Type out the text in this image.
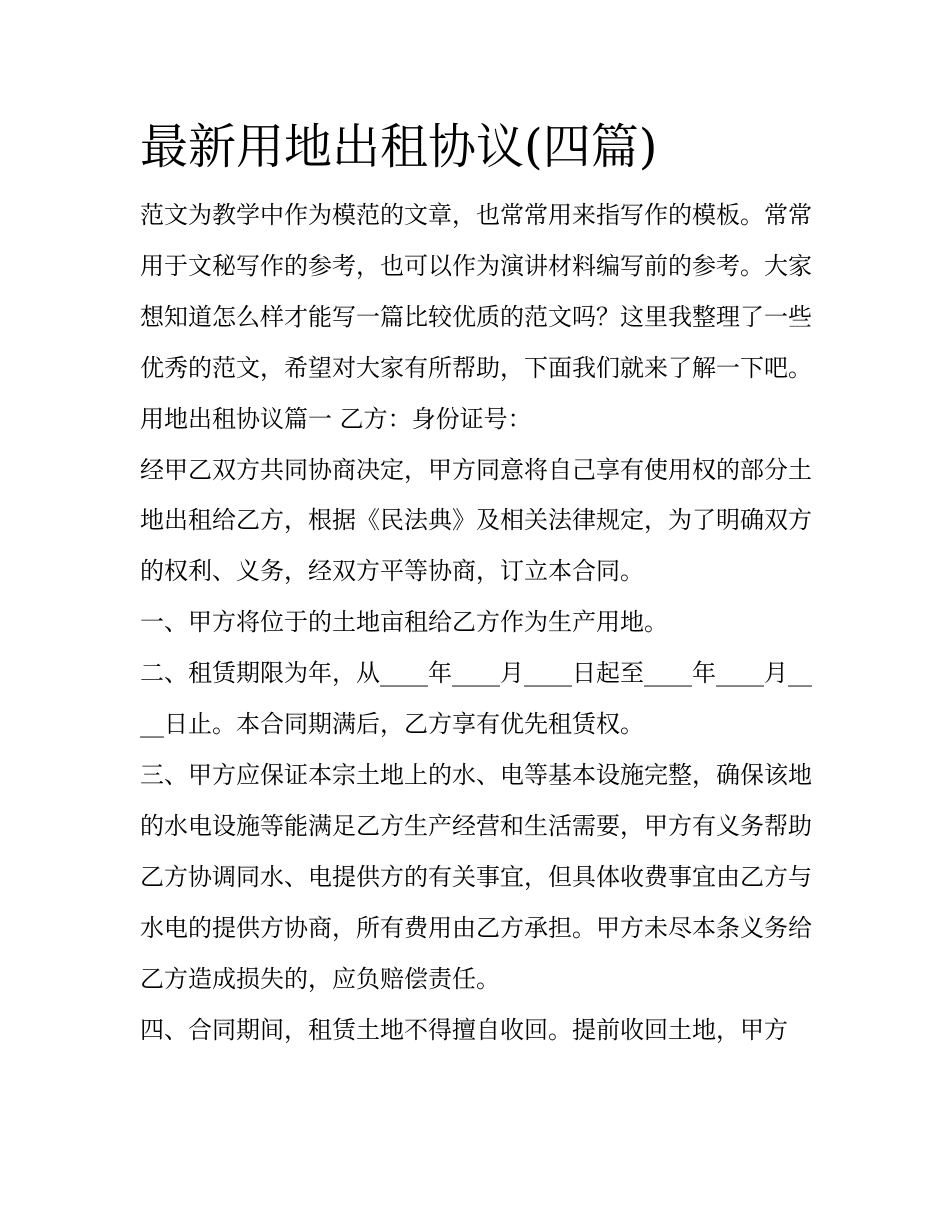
最新用地出租协议(四篇)

范文为教学中作为模范的文章，也常常用来指写作的模板。常常用于文秘写作的参考，也可以作为演讲材料编写前的参考。大家想知道怎么样才能写一篇比较优质的范文吗？这里我整理了一些优秀的范文，希望对大家有所帮助，下面我们就来了解一下吧。

用地出租协议篇一 乙方：身份证号：

经甲乙双方共同协商决定，甲方同意将自己享有使用权的部分土地出租给乙方，根据《民法典》及相关法律规定，为了明确双方的权利、义务，经双方平等协商，订立本合同。

一、甲方将位于的土地亩租给乙方作为生产用地。

二、租赁期限为年，从____年____月____日起至____年____月____日止。本合同期满后，乙方享有优先租赁权。

三、甲方应保证本宗土地上的水、电等基本设施完整，确保该地的水电设施等能满足乙方生产经营和生活需要，甲方有义务帮助乙方协调同水、电提供方的有关事宜，但具体收费事宜由乙方与水电的提供方协商，所有费用由乙方承担。甲方未尽本条义务给乙方造成损失的，应负赔偿责任。

四、合同期间，租赁土地不得擅自收回。提前收回土地，甲方
